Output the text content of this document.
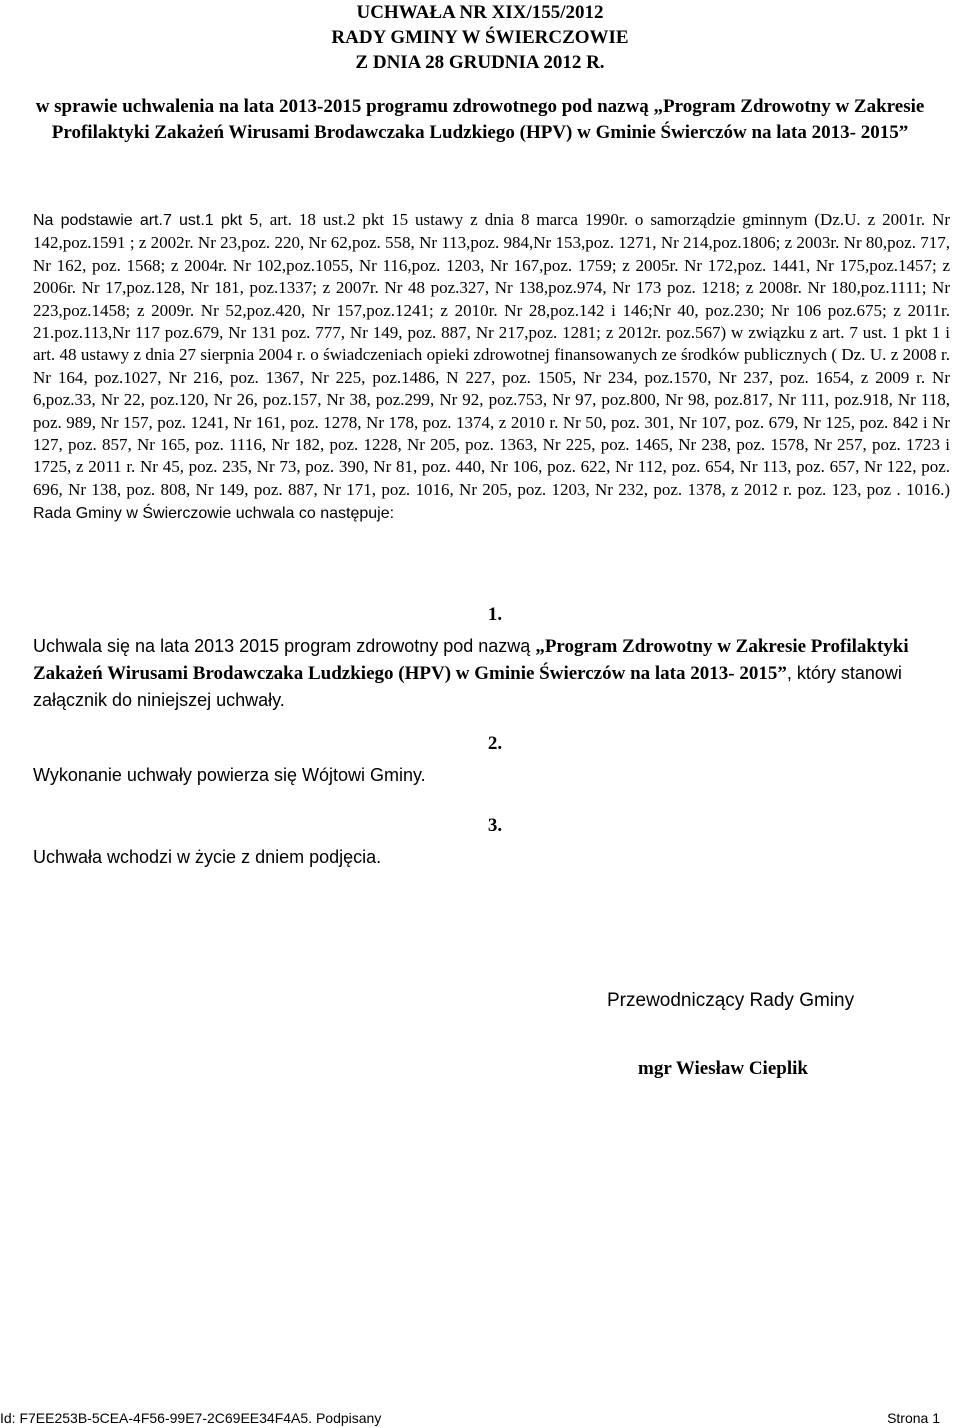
UCHWAŁA NR XIX/155/2012
RADY GMINY W ŚWIERCZOWIE
Z DNIA 28 GRUDNIA 2012 R.
w sprawie uchwalenia na lata 2013-2015 programu zdrowotnego pod nazwą „Program Zdrowotny w Zakresie Profilaktyki Zakażeń Wirusami Brodawczaka Ludzkiego (HPV) w Gminie Świerczów na lata 2013- 2015”
Na podstawie art.7 ust.1 pkt 5, art. 18 ust.2 pkt 15 ustawy z dnia 8 marca 1990r. o samorządzie gminnym (Dz.U. z 2001r. Nr 142,poz.1591 ; z 2002r. Nr 23,poz. 220, Nr 62,poz. 558, Nr 113,poz. 984,Nr 153,poz. 1271, Nr 214,poz.1806; z 2003r. Nr 80,poz. 717, Nr 162, poz. 1568; z 2004r. Nr 102,poz.1055, Nr 116,poz. 1203, Nr 167,poz. 1759; z 2005r. Nr 172,poz. 1441, Nr 175,poz.1457; z 2006r. Nr 17,poz.128, Nr 181, poz.1337; z 2007r. Nr 48 poz.327, Nr 138,poz.974, Nr 173 poz. 1218; z 2008r. Nr 180,poz.1111; Nr 223,poz.1458; z 2009r. Nr 52,poz.420, Nr 157,poz.1241; z 2010r. Nr 28,poz.142 i 146;Nr 40, poz.230; Nr 106 poz.675; z 2011r. 21.poz.113,Nr 117 poz.679, Nr 131 poz. 777, Nr 149, poz. 887, Nr 217,poz. 1281; z 2012r. poz.567) w związku z art. 7 ust. 1 pkt 1 i art. 48 ustawy z dnia 27 sierpnia 2004 r. o świadczeniach opieki zdrowotnej finansowanych ze środków publicznych ( Dz. U. z 2008 r. Nr 164, poz.1027, Nr 216, poz. 1367, Nr 225, poz.1486, N 227, poz. 1505, Nr 234, poz.1570, Nr 237, poz. 1654, z 2009 r. Nr 6,poz.33, Nr 22, poz.120, Nr 26, poz.157, Nr 38, poz.299, Nr 92, poz.753, Nr 97, poz.800, Nr 98, poz.817, Nr 111, poz.918, Nr 118, poz. 989, Nr 157, poz. 1241, Nr 161, poz. 1278, Nr 178, poz. 1374, z 2010 r. Nr 50, poz. 301, Nr 107, poz. 679, Nr 125, poz. 842 i Nr 127, poz. 857, Nr 165, poz. 1116, Nr 182, poz. 1228, Nr 205, poz. 1363, Nr 225, poz. 1465, Nr 238, poz. 1578, Nr 257, poz. 1723 i 1725, z 2011 r. Nr 45, poz. 235, Nr 73, poz. 390, Nr 81, poz. 440, Nr 106, poz. 622, Nr 112, poz. 654, Nr 113, poz. 657, Nr 122, poz. 696, Nr 138, poz. 808, Nr 149, poz. 887, Nr 171, poz. 1016, Nr 205, poz. 1203, Nr 232, poz. 1378, z 2012 r. poz. 123, poz . 1016.) Rada Gminy w Świerczowie uchwala co następuje:
1.
Uchwala się na lata 2013 2015 program zdrowotny pod nazwą „Program Zdrowotny w Zakresie Profilaktyki Zakażeń Wirusami Brodawczaka Ludzkiego (HPV) w Gminie Świerczów na lata 2013- 2015”, który stanowi załącznik do niniejszej uchwały.
2.
Wykonanie uchwały powierza się Wójtowi Gminy.
3.
Uchwała wchodzi w życie z dniem podjęcia.
Przewodniczący Rady Gminy
mgr Wiesław Cieplik
Id: F7EE253B-5CEA-4F56-99E7-2C69EE34F4A5. Podpisany	Strona 1
